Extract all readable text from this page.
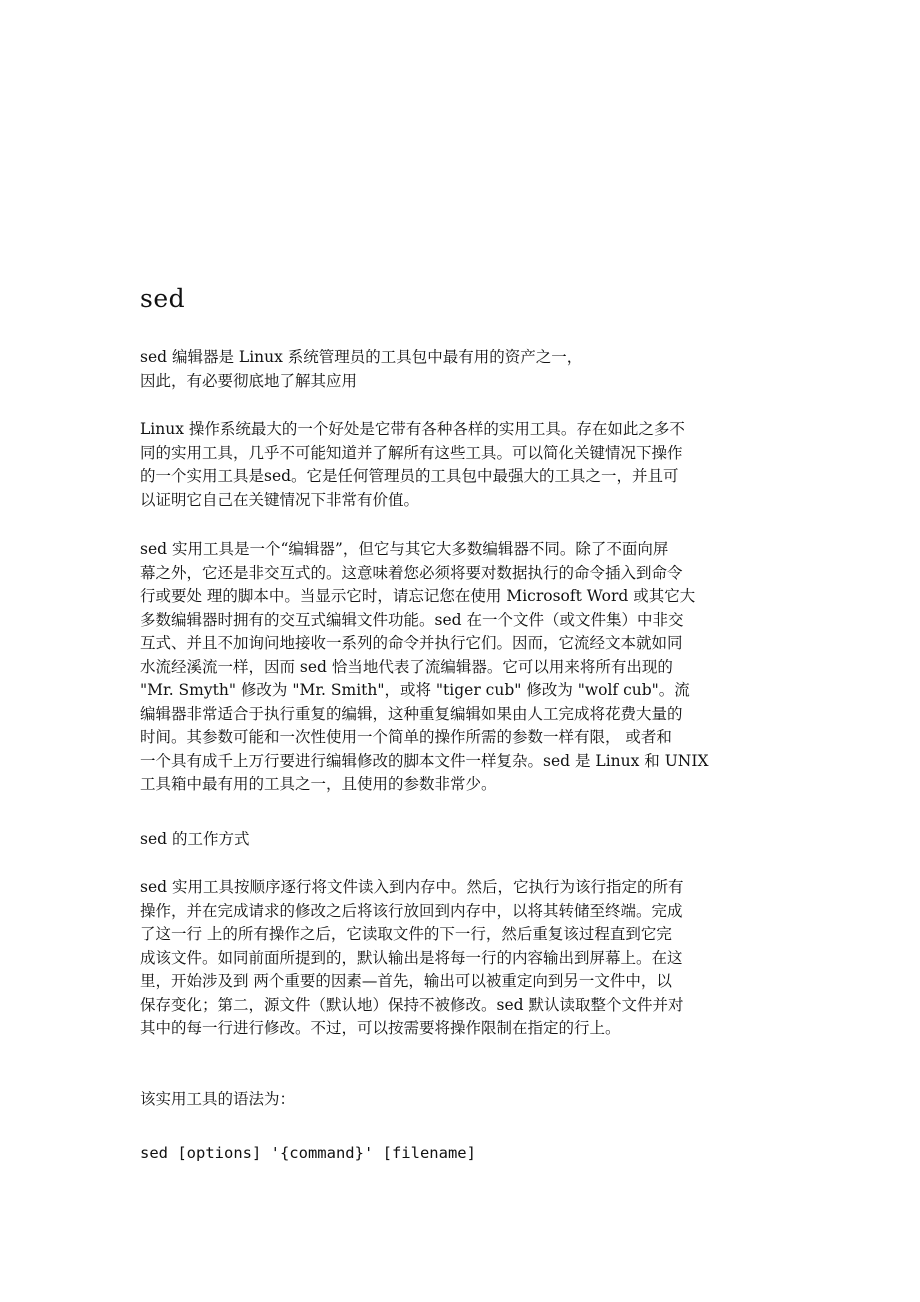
sed

sed 编辑器是 Linux 系统管理员的工具包中最有用的资产之一，
因此，有必要彻底地了解其应用

Linux 操作系统最大的一个好处是它带有各种各样的实用工具。存在如此之多不
同的实用工具，几乎不可能知道并了解所有这些工具。可以简化关键情况下操作
的一个实用工具是sed。它是任何管理员的工具包中最强大的工具之一，并且可
以证明它自己在关键情况下非常有价值。

sed 实用工具是一个“编辑器”，但它与其它大多数编辑器不同。除了不面向屏
幕之外，它还是非交互式的。这意味着您必须将要对数据执行的命令插入到命令
行或要处 理的脚本中。当显示它时，请忘记您在使用 Microsoft Word 或其它大
多数编辑器时拥有的交互式编辑文件功能。sed 在一个文件（或文件集）中非交
互式、并且不加询问地接收一系列的命令并执行它们。因而，它流经文本就如同
水流经溪流一样，因而 sed 恰当地代表了流编辑器。它可以用来将所有出现的
"Mr. Smyth" 修改为 "Mr. Smith"，或将 "tiger cub" 修改为 "wolf cub"。流
编辑器非常适合于执行重复的编辑，这种重复编辑如果由人工完成将花费大量的
时间。其参数可能和一次性使用一个简单的操作所需的参数一样有限， 或者和
一个具有成千上万行要进行编辑修改的脚本文件一样复杂。sed 是 Linux 和 UNIX
工具箱中最有用的工具之一，且使用的参数非常少。

sed 的工作方式

sed 实用工具按顺序逐行将文件读入到内存中。然后，它执行为该行指定的所有
操作，并在完成请求的修改之后将该行放回到内存中，以将其转储至终端。完成
了这一行 上的所有操作之后，它读取文件的下一行，然后重复该过程直到它完
成该文件。如同前面所提到的，默认输出是将每一行的内容输出到屏幕上。在这
里，开始涉及到 两个重要的因素—首先，输出可以被重定向到另一文件中，以
保存变化；第二，源文件（默认地）保持不被修改。sed 默认读取整个文件并对
其中的每一行进行修改。不过，可以按需要将操作限制在指定的行上。

该实用工具的语法为：

sed [options] '{command}' [filename]
